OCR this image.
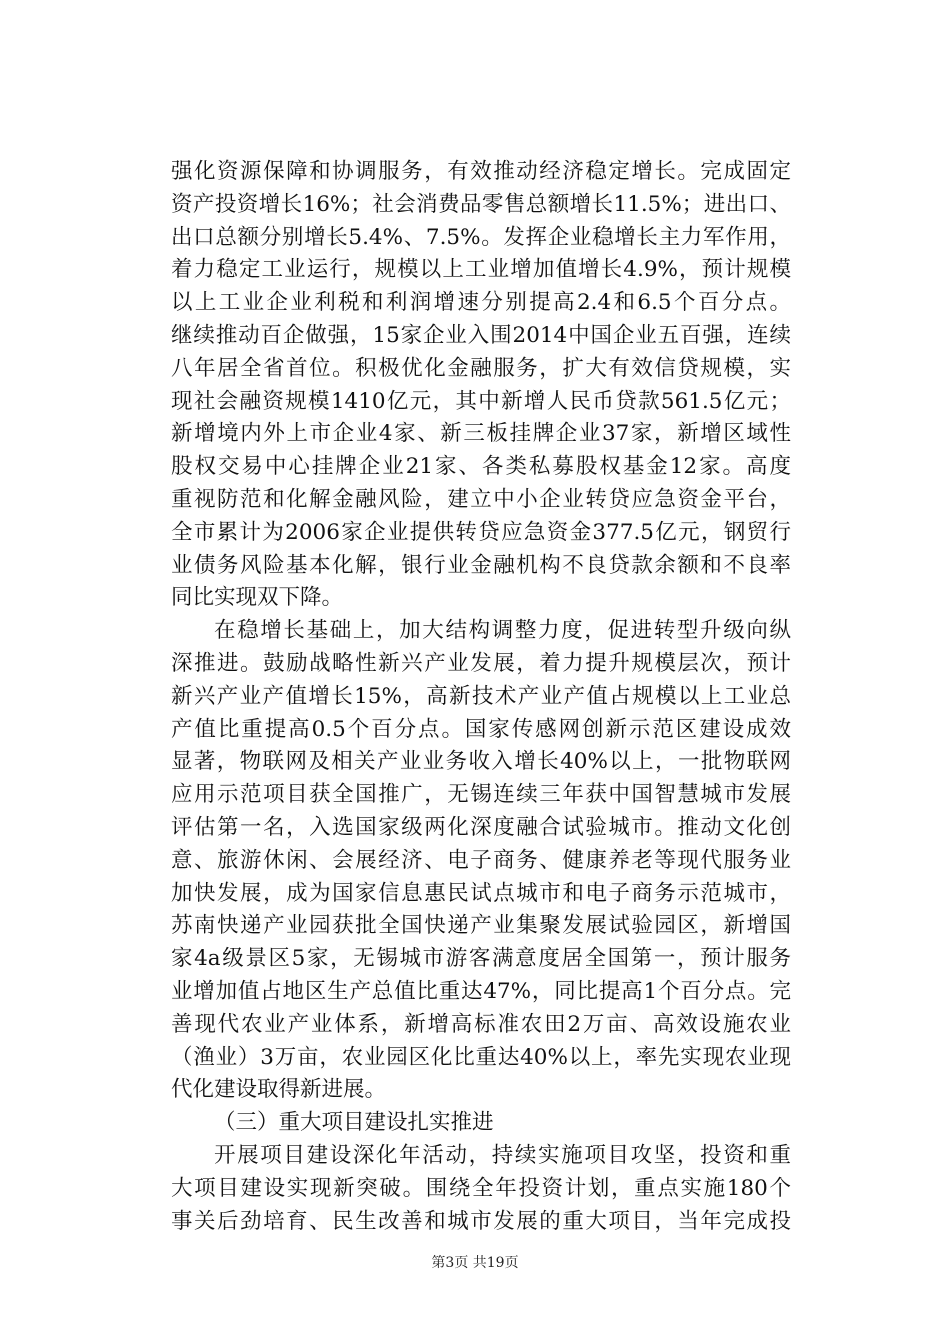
强化资源保障和协调服务，有效推动经济稳定增长。完成固定
资产投资增长16%；社会消费品零售总额增长11.5%；进出口、
出口总额分别增长5.4%、7.5%。发挥企业稳增长主力军作用，
着力稳定工业运行，规模以上工业增加值增长4.9%，预计规模
以上工业企业利税和利润增速分别提高2.4和6.5个百分点。
继续推动百企做强，15家企业入围2014中国企业五百强，连续
八年居全省首位。积极优化金融服务，扩大有效信贷规模，实
现社会融资规模1410亿元，其中新增人民币贷款561.5亿元；
新增境内外上市企业4家、新三板挂牌企业37家，新增区域性
股权交易中心挂牌企业21家、各类私募股权基金12家。高度
重视防范和化解金融风险，建立中小企业转贷应急资金平台，
全市累计为2006家企业提供转贷应急资金377.5亿元，钢贸行
业债务风险基本化解，银行业金融机构不良贷款余额和不良率
同比实现双下降。
在稳增长基础上，加大结构调整力度，促进转型升级向纵
深推进。鼓励战略性新兴产业发展，着力提升规模层次，预计
新兴产业产值增长15%，高新技术产业产值占规模以上工业总
产值比重提高0.5个百分点。国家传感网创新示范区建设成效
显著，物联网及相关产业业务收入增长40%以上，一批物联网
应用示范项目获全国推广，无锡连续三年获中国智慧城市发展
评估第一名，入选国家级两化深度融合试验城市。推动文化创
意、旅游休闲、会展经济、电子商务、健康养老等现代服务业
加快发展，成为国家信息惠民试点城市和电子商务示范城市，
苏南快递产业园获批全国快递产业集聚发展试验园区，新增国
家4a级景区5家，无锡城市游客满意度居全国第一，预计服务
业增加值占地区生产总值比重达47%，同比提高1个百分点。完
善现代农业产业体系，新增高标准农田2万亩、高效设施农业
（渔业）3万亩，农业园区化比重达40%以上，率先实现农业现
代化建设取得新进展。
（三）重大项目建设扎实推进
开展项目建设深化年活动，持续实施项目攻坚，投资和重
大项目建设实现新突破。围绕全年投资计划，重点实施180个
事关后劲培育、民生改善和城市发展的重大项目，当年完成投
第3页 共19页
